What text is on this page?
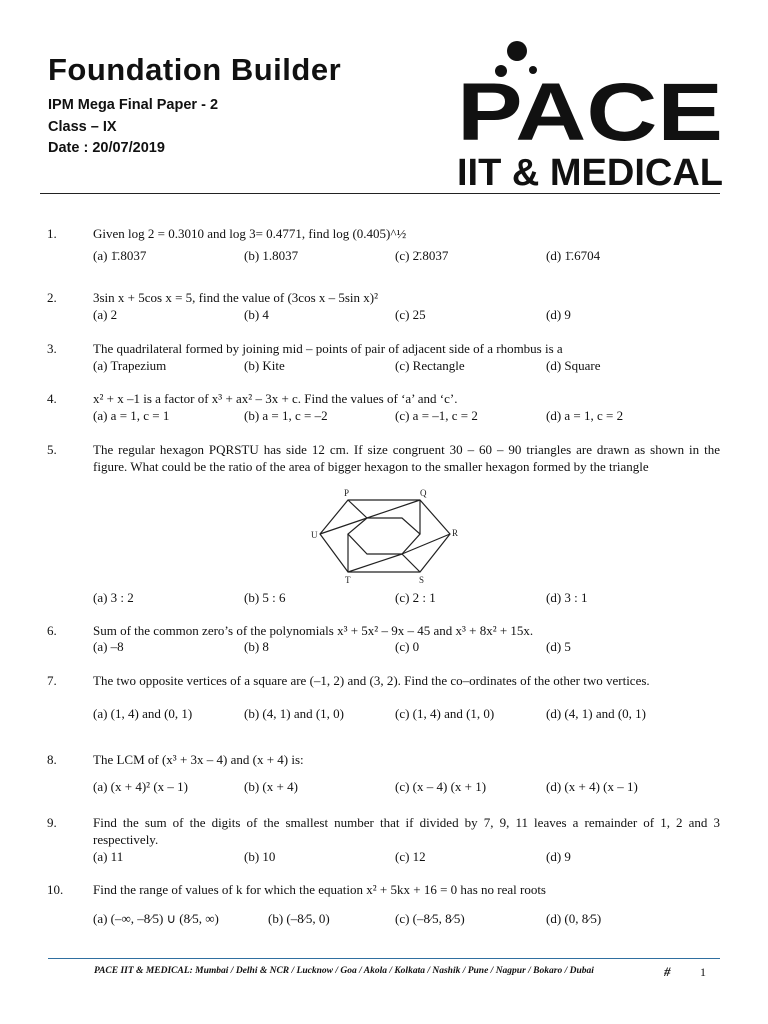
Foundation Builder
IPM Mega Final Paper - 2
Class – IX
Date : 20/07/2019	PACE
IIT & MEDICAL
1.	Given log 2 = 0.3010 and log 3= 0.4771, find log (0.405)^½
(a) 1̄.8037	(b) 1.8037	(c) 2̄.8037	(d) 1̄.6704
2.	3sin x + 5cos x = 5, find the value of (3cos x – 5sin x)²
(a) 2	(b) 4	(c) 25	(d) 9
3.	The quadrilateral formed by joining mid – points of pair of adjacent side of a rhombus is a
(a) Trapezium	(b) Kite	(c) Rectangle	(d) Square
4.	x² + x –1 is a factor of x³ + ax² – 3x + c. Find the values of ‘a’ and ‘c’.
(a) a = 1, c = 1	(b) a = 1, c = –2	(c) a = –1, c = 2	(d) a = 1, c = 2
5.	The regular hexagon PQRSTU has side 12 cm. If size congruent 30 – 60 – 90 triangles are drawn as shown in the figure. What could be the ratio of the area of bigger hexagon to the smaller hexagon formed by the triangle
P	Q
R
S
T
U
(a) 3 : 2	(b) 5 : 6	(c) 2 : 1	(d) 3 : 1
6.	Sum of the common zero’s of the polynomials x³ + 5x² – 9x – 45 and x³ + 8x² + 15x.
(a) –8	(b) 8	(c) 0	(d) 5
7.	The two opposite vertices of a square are (–1, 2) and (3, 2). Find the co–ordinates of the other two vertices.
(a) (1, 4) and (0, 1)	(b) (4, 1) and (1, 0)	(c) (1, 4) and (1, 0)	(d) (4, 1) and (0, 1)
8.	The LCM of (x³ + 3x – 4) and (x + 4) is:
(a) (x + 4)² (x – 1)	(b) (x + 4)	(c) (x – 4) (x + 1)	(d) (x + 4) (x – 1)
9.	Find the sum of the digits of the smallest number that if divided by 7, 9, 11 leaves a remainder of 1, 2 and 3 respectively.
(a) 11	(b) 10	(c) 12	(d) 9
10. Find the range of values of k for which the equation x² + 5kx + 16 = 0 has no real roots
(a) (–∞, –8⁄5) ∪ (8⁄5, ∞)	(b) (–8⁄5, 0)	(c) (–8⁄5, 8⁄5)	(d) (0, 8⁄5)
PACE IIT & MEDICAL: Mumbai / Delhi & NCR / Lucknow / Goa / Akola / Kolkata / Nashik / Pune / Nagpur / Bokaro / Dubai	# 1
